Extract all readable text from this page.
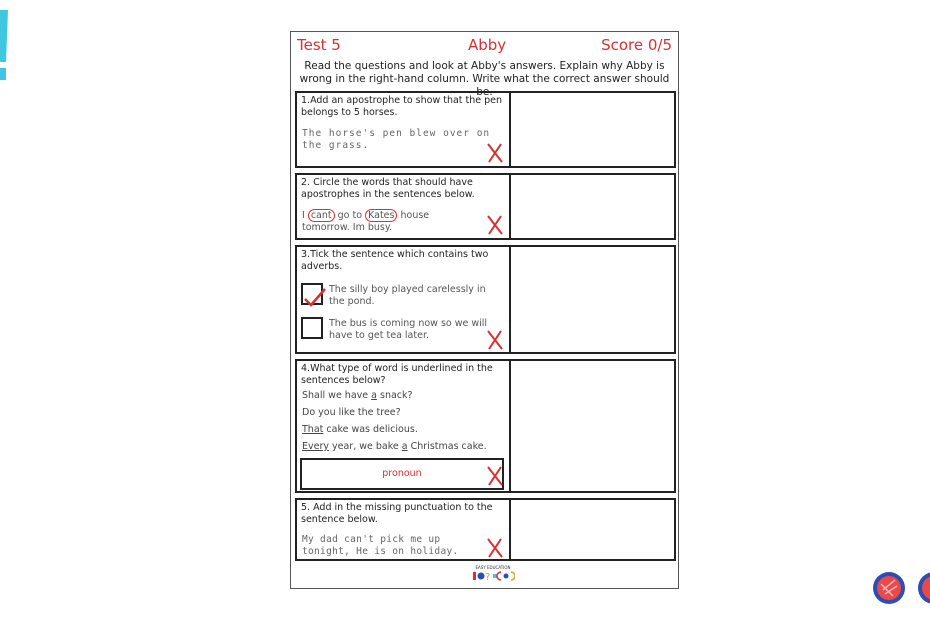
Test 5	Abby	Score 0/5
Read the questions and look at Abby's answers. Explain why Abby is wrong in the right-hand column. Write what the correct answer should be.
1.Add an apostrophe to show that the pen belongs to 5 horses.
The horse's pen blew over on the grass.
2. Circle the words that should have apostrophes in the sentences below.
I cant go to Kates house tomorrow. Im busy.
3.Tick the sentence which contains two adverbs.
The silly boy played carelessly in the pond.
The bus is coming now so we will have to get tea later.
4.What type of word is underlined in the sentences below?
Shall we have a snack?
Do you like the tree?
That cake was delicious.
Every year, we bake a Christmas cake.
pronoun
5. Add in the missing punctuation to the sentence below.
My dad can't pick me up tonight, He is on holiday.
EASY EDUCATION
?
